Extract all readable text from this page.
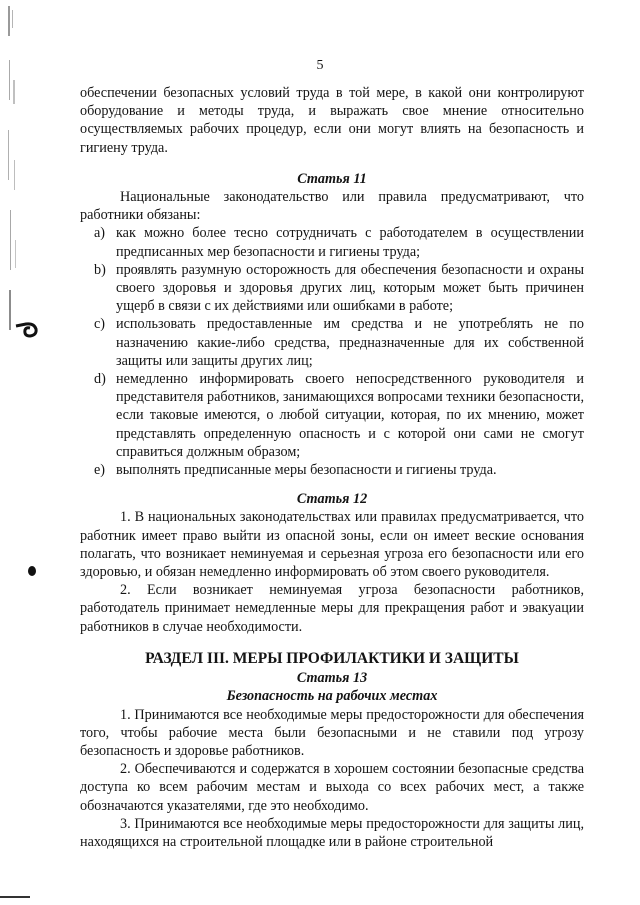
5

обеспечении безопасных условий труда в той мере, в какой они контролируют оборудование и методы труда, и выражать свое мнение относительно осуществляемых рабочих процедур, если они могут влиять на безопасность и гигиену труда.

Статья 11

Национальные законодательство или правила предусматривают, что работники обязаны:

a) как можно более тесно сотрудничать с работодателем в осуществлении предписанных мер безопасности и гигиены труда;
b) проявлять разумную осторожность для обеспечения безопасности и охраны своего здоровья и здоровья других лиц, которым может быть причинен ущерб в связи с их действиями или ошибками в работе;
c) использовать предоставленные им средства и не употреблять не по назначению какие-либо средства, предназначенные для их собственной защиты или защиты других лиц;
d) немедленно информировать своего непосредственного руководителя и представителя работников, занимающихся вопросами техники безопасности, если таковые имеются, о любой ситуации, которая, по их мнению, может представлять определенную опасность и с которой они сами не смогут справиться должным образом;
e) выполнять предписанные меры безопасности и гигиены труда.

Статья 12

1. В национальных законодательствах или правилах предусматривается, что работник имеет право выйти из опасной зоны, если он имеет веские основания полагать, что возникает неминуемая и серьезная угроза его безопасности или его здоровью, и обязан немедленно информировать об этом своего руководителя.

2. Если возникает неминуемая угроза безопасности работников, работодатель принимает немедленные меры для прекращения работ и эвакуации работников в случае необходимости.

РАЗДЕЛ III. МЕРЫ ПРОФИЛАКТИКИ И ЗАЩИТЫ

Статья 13

Безопасность на рабочих местах

1. Принимаются все необходимые меры предосторожности для обеспечения того, чтобы рабочие места были безопасными и не ставили под угрозу безопасность и здоровье работников.

2. Обеспечиваются и содержатся в хорошем состоянии безопасные средства доступа ко всем рабочим местам и выхода со всех рабочих мест, а также обозначаются указателями, где это необходимо.

3. Принимаются все необходимые меры предосторожности для защиты лиц, находящихся на строительной площадке или в районе строительной
